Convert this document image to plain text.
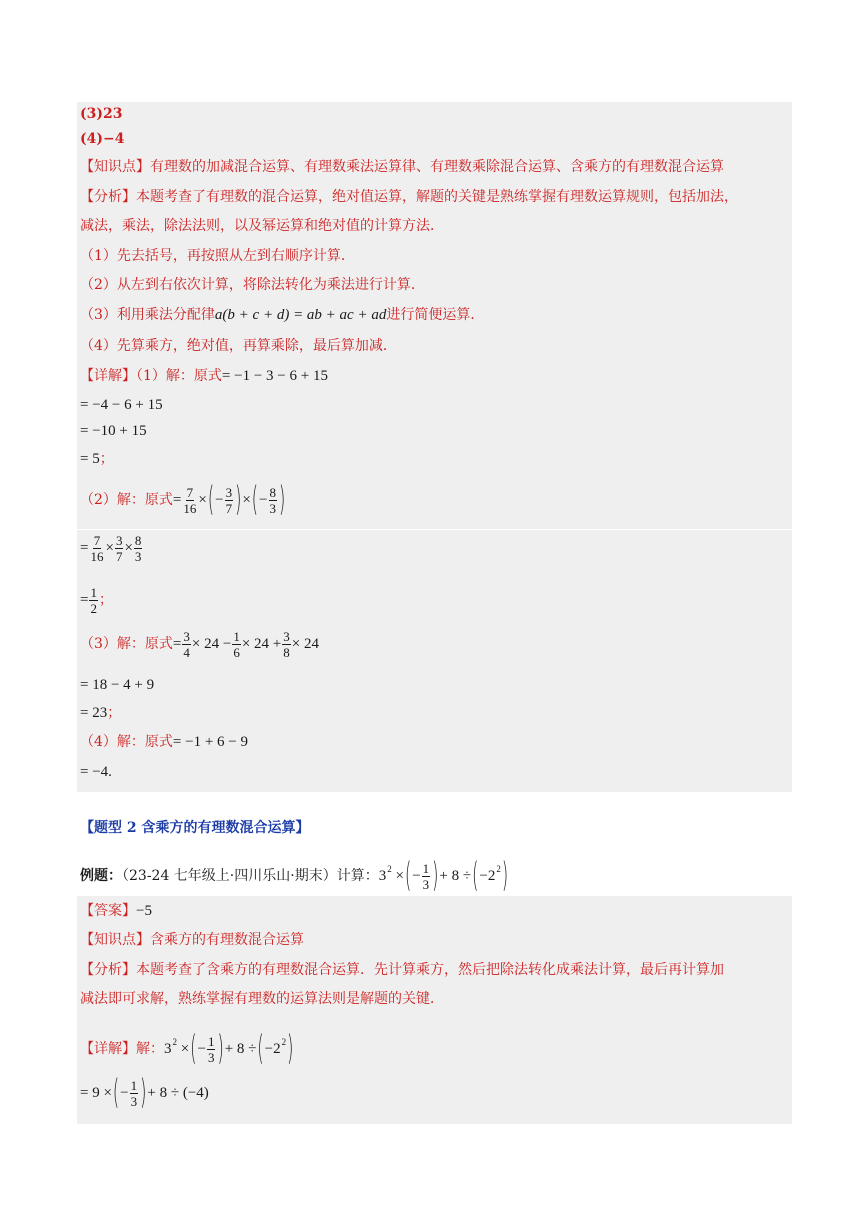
(3)23
(4)−4
【知识点】有理数的加减混合运算、有理数乘法运算律、有理数乘除混合运算、含乘方的有理数混合运算
【分析】本题考查了有理数的混合运算，绝对值运算，解题的关键是熟练掌握有理数运算规则，包括加法，
减法，乘法，除法法则，以及幂运算和绝对值的计算方法．
（1）先去括号，再按照从左到右顺序计算．
（2）从左到右依次计算，将除法转化为乘法进行计算．
（3）利用乘法分配律a(b + c + d) = ab + ac + ad进行简便运算．
（4）先算乘方，绝对值，再算乘除，最后算加减．
【详解】（1）解：原式= −1 − 3 − 6 + 15
= −4 − 6 + 15
= −10 + 15
= 5；
（2）解：原式= $\frac{7}{16}$ ×(− $\frac{3}{7}$ )×(− $\frac{8}{3}$ )
= $\frac{7}{16} \times \frac{3}{7} \times \frac{8}{3}$
= $\frac{1}{2}$ ；
（3）解：原式= $\frac{3}{4} \times 24 - \frac{1}{6} \times 24 + \frac{3}{8} \times 24$
= 18 − 4 + 9
= 23；
（4）解：原式= −1 + 6 − 9
= −4.
【题型 2 含乘方的有理数混合运算】
例题：（23-24 七年级上·四川乐山·期末）计算：$3^2$ ×(− $\frac{1}{3}$ )+ $8 \div(-2^2)$
【答案】−5
【知识点】含乘方的有理数混合运算
【分析】本题考查了含乘方的有理数混合运算．先计算乘方，然后把除法转化成乘法计算，最后再计算加
减法即可求解，熟练掌握有理数的运算法则是解题的关键．
【详解】解：$3^2$ ×(− $\frac{1}{3}$ )+ $8 \div(-2^2)$
= 9 ×(− $\frac{1}{3}$ )+ 8 ÷ (−4)
